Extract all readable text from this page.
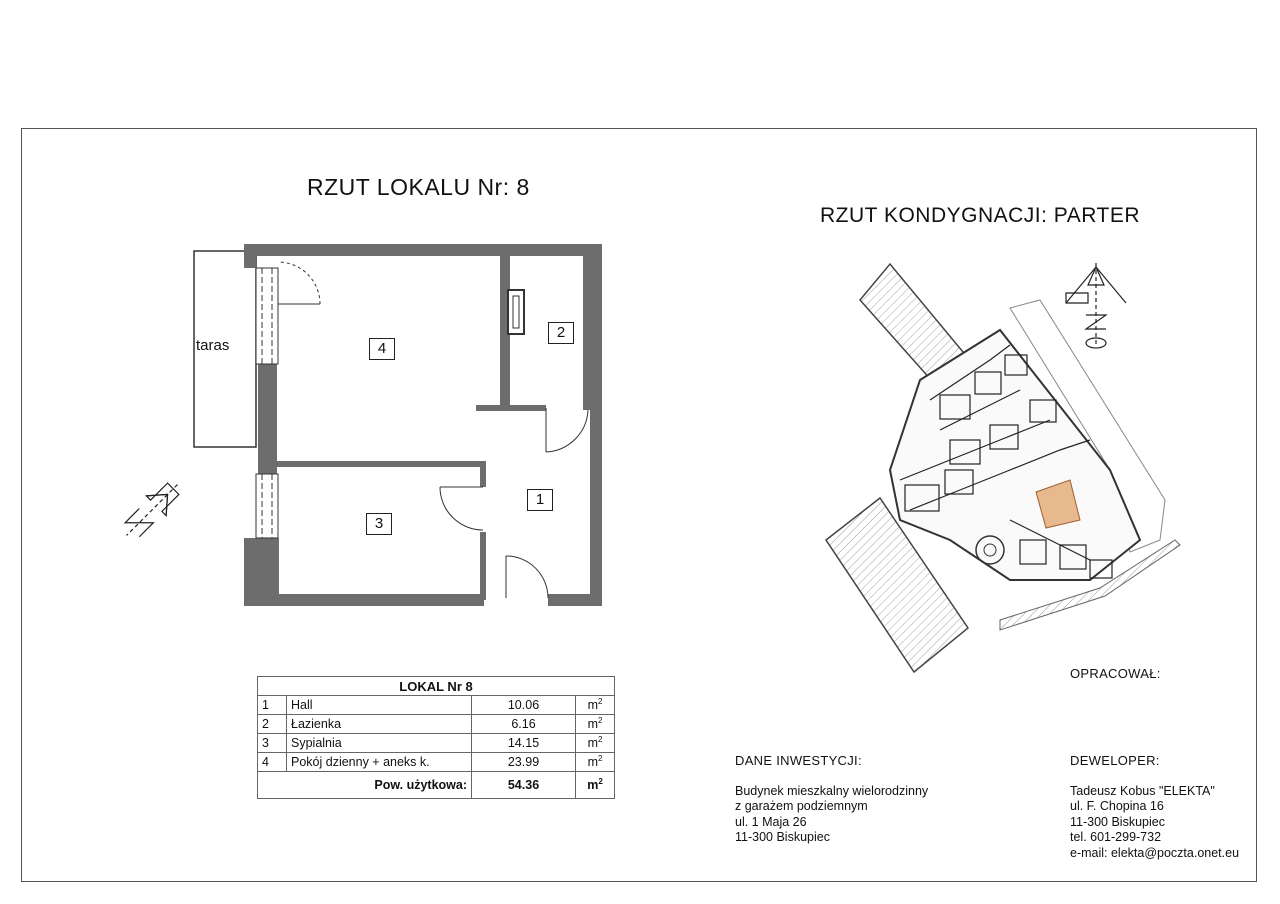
RZUT LOKALU Nr: 8
RZUT KONDYGNACJI: PARTER
taras	4
2
1
3
LOKAL Nr 8			
1	Hall	10.06	$m^2$
2	Łazienka	6.16	$m^2$
3	Sypialnia	14.15	$m^2$
4	Pokój dzienny + aneks k.	23.99	$m^2$
Pow. użytkowa:		54.36	$m^2$
OPRACOWAŁ:
DANE INWESTYCJI:
Budynek mieszkalny wielorodzinny
z garażem podziemnym
ul. 1 Maja 26
11-300 Biskupiec
DEWELOPER:
Tadeusz Kobus "ELEKTA"
ul. F. Chopina 16
11-300 Biskupiec
tel. 601-299-732
e-mail: elekta@poczta.onet.eu
